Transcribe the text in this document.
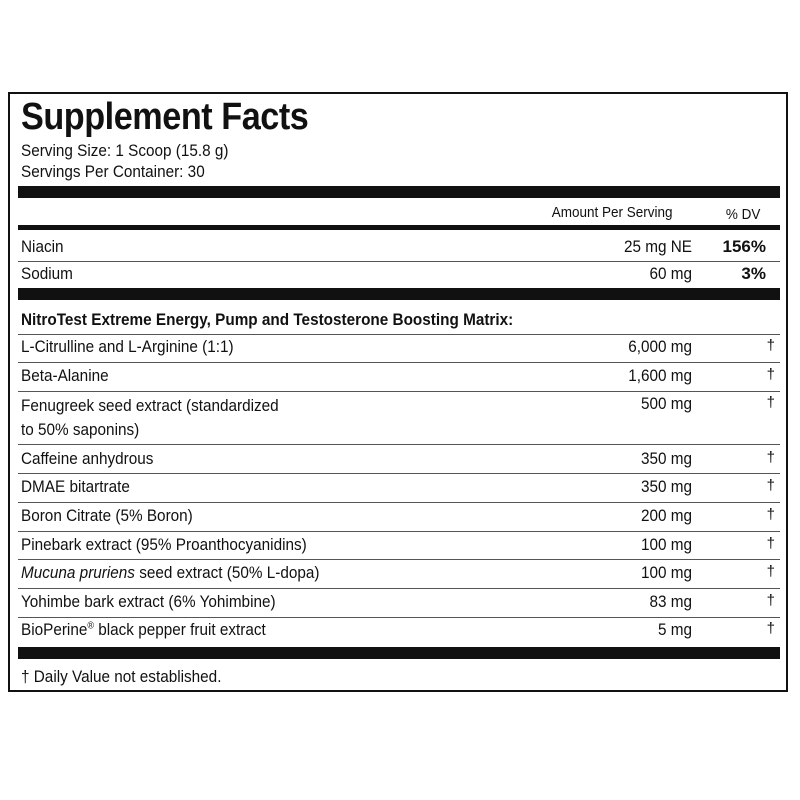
Supplement Facts
Serving Size: 1 Scoop (15.8 g)
Servings Per Container: 30
Amount Per Serving	% DV
Niacin	25 mg NE	156%
Sodium	60 mg	3%
NitroTest Extreme Energy, Pump and Testosterone Boosting Matrix:
L-Citrulline and L-Arginine (1:1)	6,000 mg	†
Beta-Alanine	1,600 mg	†
Fenugreek seed extract (standardized
to 50% saponins)
500 mg	†
Caffeine anhydrous	350 mg	†
DMAE bitartrate	350 mg	†
Boron Citrate (5% Boron)	200 mg	†
Pinebark extract (95% Proanthocyanidins)	100 mg	†
Mucuna pruriens seed extract (50% L-dopa)	100 mg	†
Yohimbe bark extract (6% Yohimbine)	83 mg	†
BioPerine® black pepper fruit extract	5 mg	†
† Daily Value not established.
